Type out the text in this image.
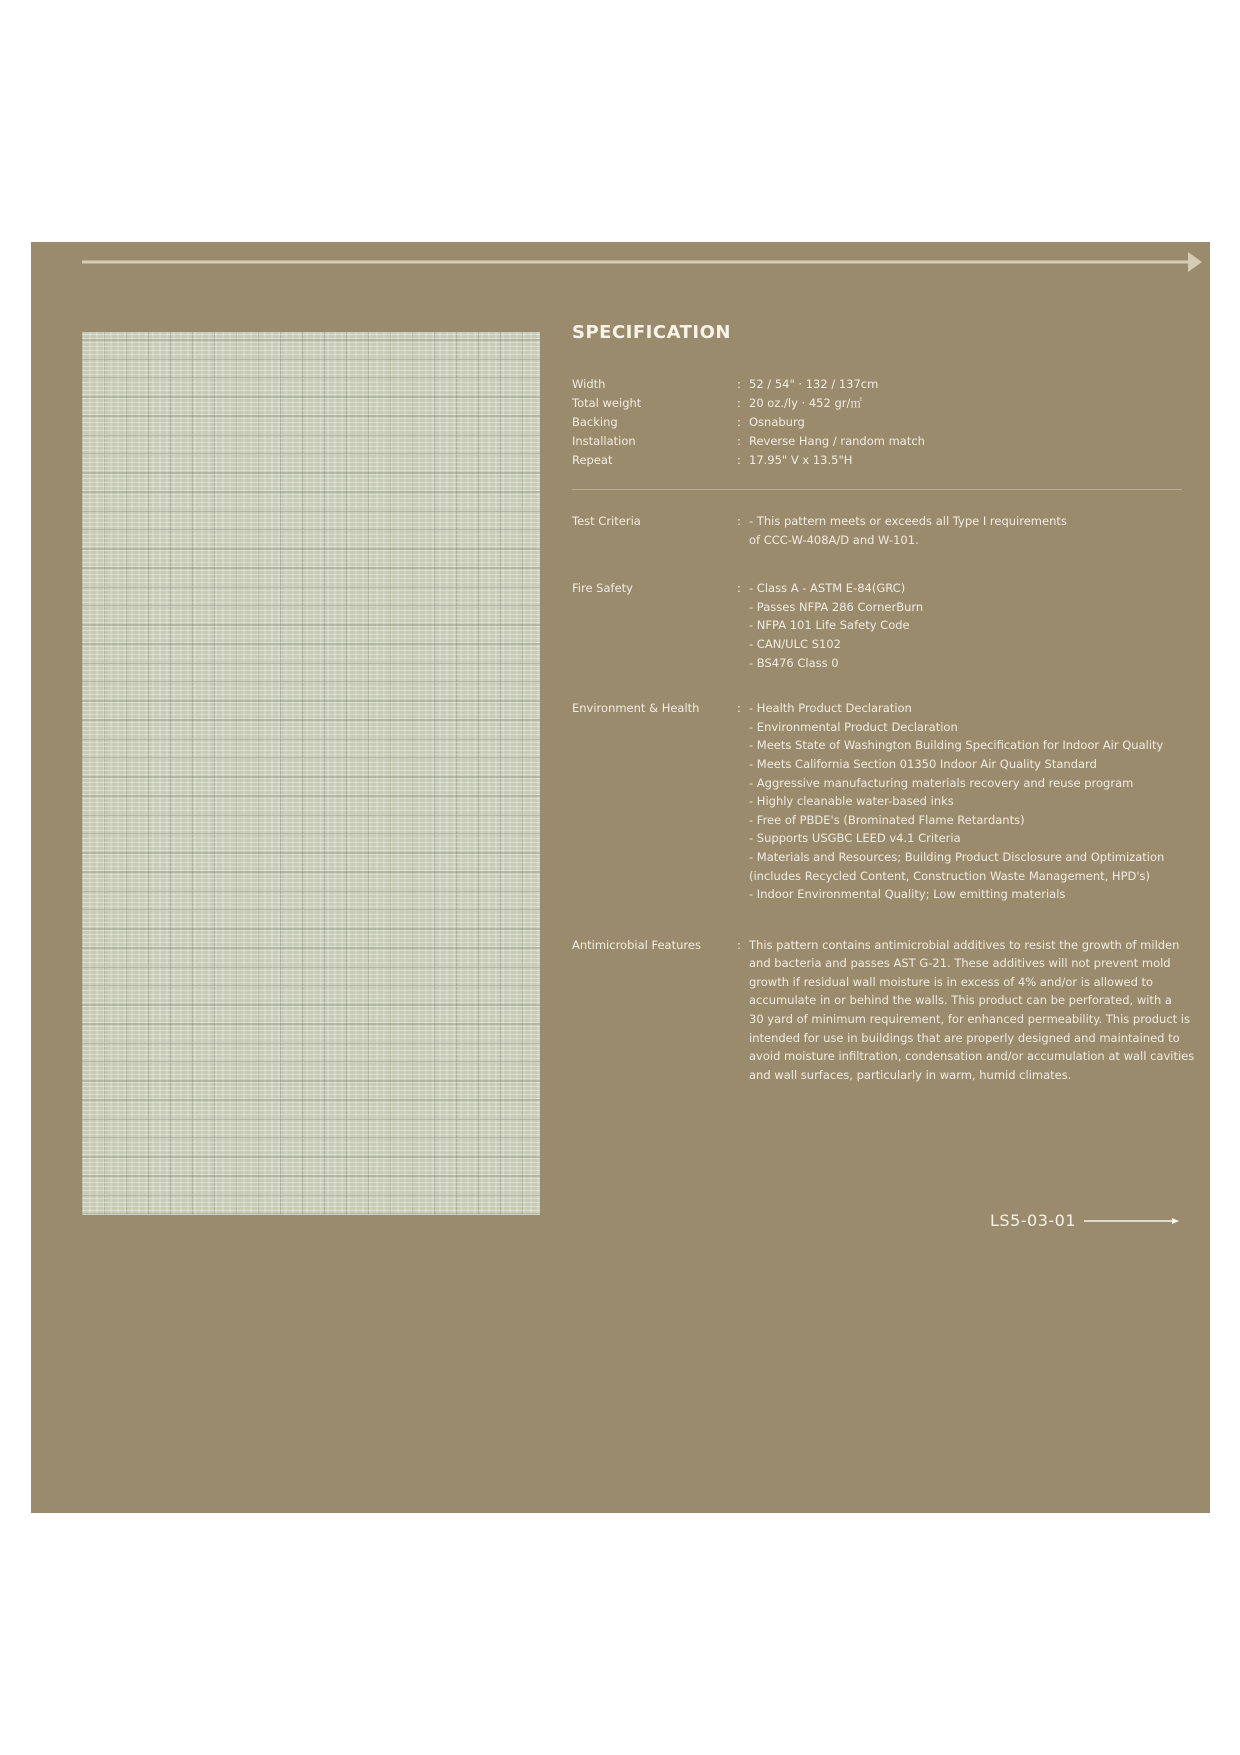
SPECIFICATION
Width	: 52 / 54" · 132 / 137cm
Total weight	: 20 oz./ly · 452 gr/㎡
Backing	: Osnaburg
Installation	: Reverse Hang / random match
Repeat	: 17.95" V x 13.5"H
Test Criteria	: - This pattern meets or exceeds all Type I requirements
of CCC-W-408A/D and W-101.
Fire Safety	: - Class A - ASTM E-84(GRC)
- Passes NFPA 286 CornerBurn
- NFPA 101 Life Safety Code
- CAN/ULC S102
- BS476 Class 0
Environment & Health	: - Health Product Declaration
- Environmental Product Declaration
- Meets State of Washington Building Specification for Indoor Air Quality
- Meets California Section 01350 Indoor Air Quality Standard
- Aggressive manufacturing materials recovery and reuse program
- Highly cleanable water-based inks
- Free of PBDE's (Brominated Flame Retardants)
- Supports USGBC LEED v4.1 Criteria
- Materials and Resources; Building Product Disclosure and Optimization
(includes Recycled Content, Construction Waste Management, HPD's)
- Indoor Environmental Quality; Low emitting materials
Antimicrobial Features	: This pattern contains antimicrobial additives to resist the growth of milden
and bacteria and passes AST G-21. These additives will not prevent mold
growth if residual wall moisture is in excess of 4% and/or is allowed to
accumulate in or behind the walls. This product can be perforated, with a
30 yard of minimum requirement, for enhanced permeability. This product is
intended for use in buildings that are properly designed and maintained to
avoid moisture infiltration, condensation and/or accumulation at wall cavities
and wall surfaces, particularly in warm, humid climates.
LS5-03-01
